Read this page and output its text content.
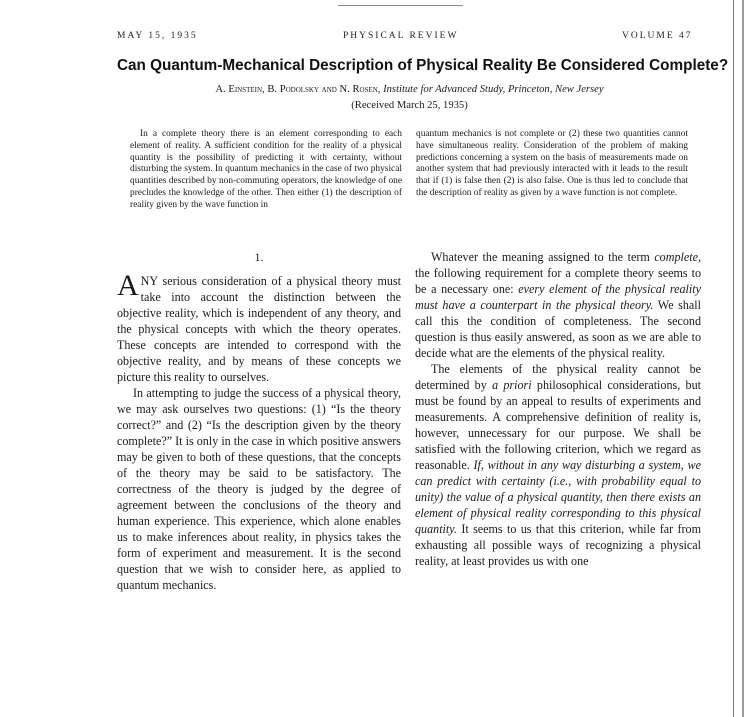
MAY 15, 1935	PHYSICAL REVIEW	VOLUME 47
Can Quantum-Mechanical Description of Physical Reality Be Considered Complete?
A. Einstein, B. Podolsky and N. Rosen, Institute for Advanced Study, Princeton, New Jersey
(Received March 25, 1935)

In a complete theory there is an element corresponding to each element of reality. A sufficient condition for the reality of a physical quantity is the possibility of predicting it with certainty, without disturbing the system. In quantum mechanics in the case of two physical quantities described by non-commuting operators, the knowledge of one precludes the knowledge of the other. Then either (1) the description of reality given by the wave function in

quantum mechanics is not complete or (2) these two quantities cannot have simultaneous reality. Consideration of the problem of making predictions concerning a system on the basis of measurements made on another system that had previously interacted with it leads to the result that if (1) is false then (2) is also false. One is thus led to conclude that the description of reality as given by a wave function is not complete.

1.

ANY serious consideration of a physical theory must take into account the distinction between the objective reality, which is independent of any theory, and the physical concepts with which the theory operates. These concepts are intended to correspond with the objective reality, and by means of these concepts we picture this reality to ourselves.

In attempting to judge the success of a physical theory, we may ask ourselves two questions: (1) “Is the theory correct?” and (2) “Is the description given by the theory complete?” It is only in the case in which positive answers may be given to both of these questions, that the concepts of the theory may be said to be satisfactory. The correctness of the theory is judged by the degree of agreement between the conclusions of the theory and human experience. This experience, which alone enables us to make inferences about reality, in physics takes the form of experiment and measurement. It is the second question that we wish to consider here, as applied to quantum mechanics.

Whatever the meaning assigned to the term complete, the following requirement for a complete theory seems to be a necessary one: every element of the physical reality must have a counterpart in the physical theory. We shall call this the condition of completeness. The second question is thus easily answered, as soon as we are able to decide what are the elements of the physical reality.

The elements of the physical reality cannot be determined by a priori philosophical considerations, but must be found by an appeal to results of experiments and measurements. A comprehensive definition of reality is, however, unnecessary for our purpose. We shall be satisfied with the following criterion, which we regard as reasonable. If, without in any way disturbing a system, we can predict with certainty (i.e., with probability equal to unity) the value of a physical quantity, then there exists an element of physical reality corresponding to this physical quantity. It seems to us that this criterion, while far from exhausting all possible ways of recognizing a physical reality, at least provides us with one
